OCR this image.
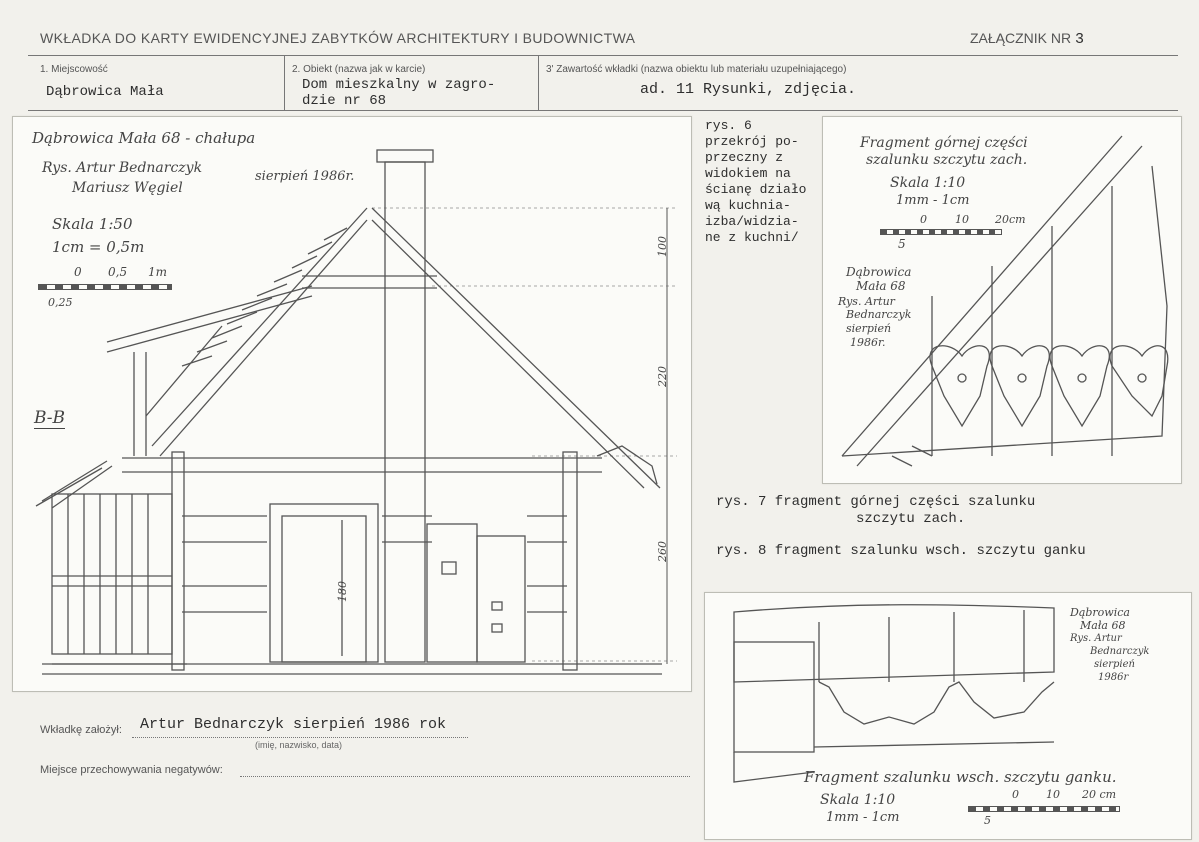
WKŁADKA DO KARTY EWIDENCYJNEJ ZABYTKÓW ARCHITEKTURY I BUDOWNICTWA	ZAŁĄCZNIK NR 3
1. Miejscowość
Dąbrowica Mała
2. Obiekt (nazwa jak w karcie)
Dom mieszkalny w zagro-
dzie nr 68
3' Zawartość wkładki (nazwa obiektu lub materiału uzupełniającego)
ad. 11 Rysunki, zdjęcia.
Dąbrowica Mała 68 - chałupa
Rys. Artur Bednarczyk
Mariusz Węgiel
sierpień 1986r.
Skala 1:50
1cm = 0,5m
0 0,5 1m
0,25
B-B
100
220
260
180
rys. 6
przekrój po-
przeczny z
widokiem na
ścianę działo
wą kuchnia-
izba/widzia-
ne z kuchni/
Fragment górnej części
szalunku szczytu zach.
Skala 1:10
1mm - 1cm
0	10 20cm
5
Dąbrowica
Mała 68
Rys. Artur
Bednarczyk
sierpień
1986r.
rys. 7 fragment górnej części szalunku
szczytu zach.
rys. 8 fragment szalunku wsch. szczytu ganku
Dąbrowica
Mała 68
Rys. Artur
Bednarczyk
sierpień
1986r
Fragment szalunku wsch. szczytu ganku.
Skala 1:10
1mm - 1cm
0 10 20 cm
5
Wkładkę założył: Artur Bednarczyk sierpień 1986 rok
(imię, nazwisko, data)
Miejsce przechowywania negatywów:
